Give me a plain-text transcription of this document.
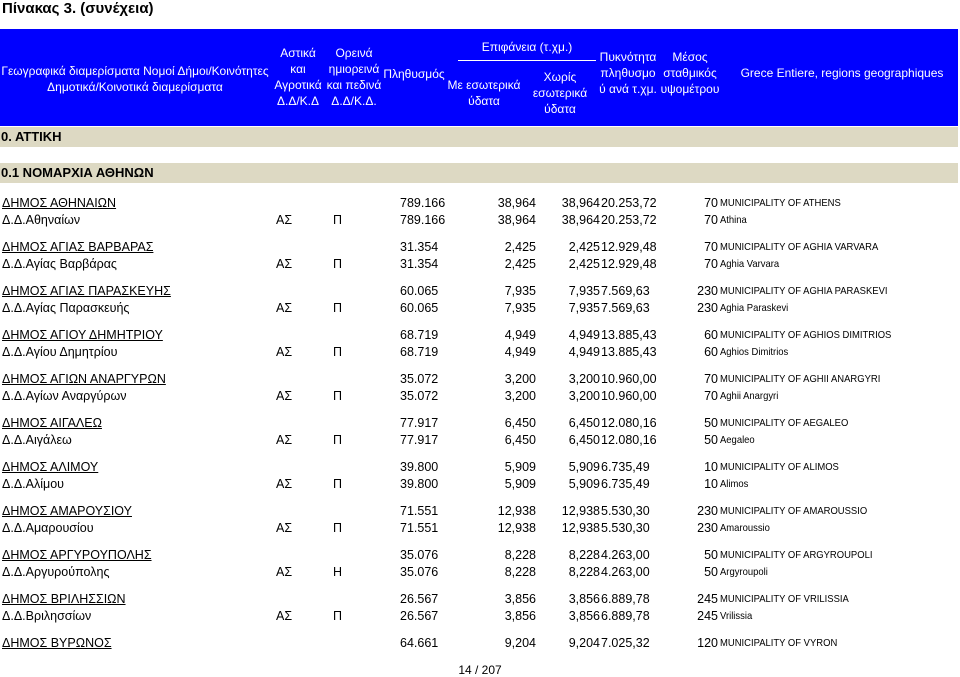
Πίνακας 3. (συνέχεια)
Γεωγραφικά διαμερίσματα Νομοί Δήμοι/Κοινότητες
Δημοτικά/Κοινοτικά διαμερίσματα
Αστικά
και
Αγροτικά
Δ.Δ/Κ.Δ
Ορεινά
ημιορεινά
και πεδινά
Δ.Δ/Κ.Δ.
Πληθυσμός
Επιφάνεια (τ.χμ.)
Με εσωτερικά
ύδατα
Χωρίς
εσωτερικά
ύδατα
Πυκνότητα
πληθυσμο
ύ ανά τ.χμ.
Μέσος
σταθμικός
υψομέτρου
Grece Entiere, regions geographiques
0. ΑΤΤΙΚΗ
0.1 ΝΟΜΑΡΧΙΑ ΑΘΗΝΩΝ
ΔΗΜΟΣ ΑΘΗΝΑΙΩΝ	789.166	38,964	38,964 20.253,72	70 MUNICIPALITY OF ATHENS
Δ.Δ.Αθηναίων	ΑΣ	Π	789.166	38,964	38,964 20.253,72	70 Athina
ΔΗΜΟΣ ΑΓΙΑΣ ΒΑΡΒΑΡΑΣ	31.354	2,425	2,425 12.929,48	70 MUNICIPALITY OF AGHIA VARVARA
Δ.Δ.Αγίας Βαρβάρας	ΑΣ	Π	31.354	2,425	2,425 12.929,48	70 Aghia Varvara
ΔΗΜΟΣ ΑΓΙΑΣ ΠΑΡΑΣΚΕΥΗΣ	60.065	7,935	7,935 7.569,63	230 MUNICIPALITY OF AGHIA PARASKEVI
Δ.Δ.Αγίας Παρασκευής	ΑΣ	Π	60.065	7,935	7,935 7.569,63	230 Aghia Paraskevi
ΔΗΜΟΣ ΑΓΙΟΥ ΔΗΜΗΤΡΙΟΥ	68.719	4,949	4,949 13.885,43	60 MUNICIPALITY OF AGHIOS DIMITRIOS
Δ.Δ.Αγίου Δημητρίου	ΑΣ	Π	68.719	4,949	4,949 13.885,43	60 Aghios Dimitrios
ΔΗΜΟΣ ΑΓΙΩΝ ΑΝΑΡΓΥΡΩΝ	35.072	3,200	3,200 10.960,00	70 MUNICIPALITY OF AGHII ANARGYRI
Δ.Δ.Αγίων Αναργύρων	ΑΣ	Π	35.072	3,200	3,200 10.960,00	70 Aghii Anargyri
ΔΗΜΟΣ ΑΙΓΑΛΕΩ	77.917	6,450	6,450 12.080,16	50 MUNICIPALITY OF AEGALEO
Δ.Δ.Αιγάλεω	ΑΣ	Π	77.917	6,450	6,450 12.080,16	50 Aegaleo
ΔΗΜΟΣ ΑΛΙΜΟΥ	39.800	5,909	5,909 6.735,49	10 MUNICIPALITY OF ALIMOS
Δ.Δ.Αλίμου	ΑΣ	Π	39.800	5,909	5,909 6.735,49	10 Alimos
ΔΗΜΟΣ ΑΜΑΡΟΥΣΙΟΥ	71.551	12,938	12,938 5.530,30	230 MUNICIPALITY OF AMAROUSSIO
Δ.Δ.Αμαρουσίου	ΑΣ	Π	71.551	12,938	12,938 5.530,30	230 Amaroussio
ΔΗΜΟΣ ΑΡΓΥΡΟΥΠΟΛΗΣ	35.076	8,228	8,228 4.263,00	50 MUNICIPALITY OF ARGYROUPOLI
Δ.Δ.Αργυρούπολης	ΑΣ	Η	35.076	8,228	8,228 4.263,00	50 Argyroupoli
ΔΗΜΟΣ ΒΡΙΛΗΣΣΙΩΝ	26.567	3,856	3,856 6.889,78	245 MUNICIPALITY OF VRILISSIA
Δ.Δ.Βριλησσίων	ΑΣ	Π	26.567	3,856	3,856 6.889,78	245 Vrilissia
ΔΗΜΟΣ ΒΥΡΩΝΟΣ	64.661	9,204	9,204 7.025,32	120 MUNICIPALITY OF VYRON
14 / 207
